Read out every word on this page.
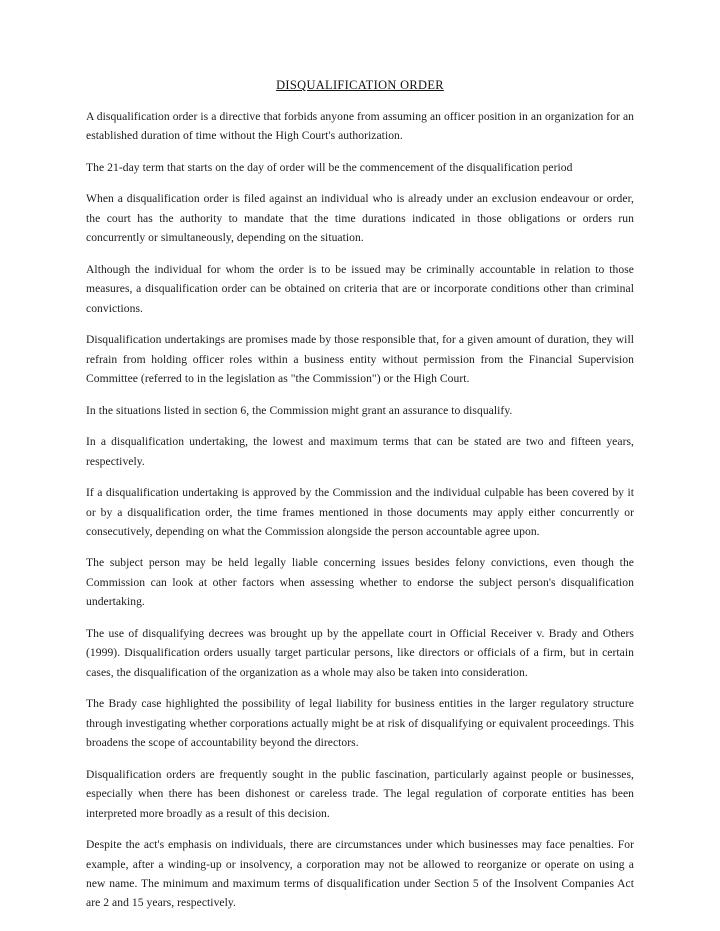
DISQUALIFICATION ORDER

A disqualification order is a directive that forbids anyone from assuming an officer position in an organization for an established duration of time without the High Court's authorization.

The 21-day term that starts on the day of order will be the commencement of the disqualification period

When a disqualification order is filed against an individual who is already under an exclusion endeavour or order, the court has the authority to mandate that the time durations indicated in those obligations or orders run concurrently or simultaneously, depending on the situation.

Although the individual for whom the order is to be issued may be criminally accountable in relation to those measures, a disqualification order can be obtained on criteria that are or incorporate conditions other than criminal convictions.

Disqualification undertakings are promises made by those responsible that, for a given amount of duration, they will refrain from holding officer roles within a business entity without permission from the Financial Supervision Committee (referred to in the legislation as "the Commission") or the High Court.

In the situations listed in section 6, the Commission might grant an assurance to disqualify.

In a disqualification undertaking, the lowest and maximum terms that can be stated are two and fifteen years, respectively.

If a disqualification undertaking is approved by the Commission and the individual culpable has been covered by it or by a disqualification order, the time frames mentioned in those documents may apply either concurrently or consecutively, depending on what the Commission alongside the person accountable agree upon.

The subject person may be held legally liable concerning issues besides felony convictions, even though the Commission can look at other factors when assessing whether to endorse the subject person's disqualification undertaking.

The use of disqualifying decrees was brought up by the appellate court in Official Receiver v. Brady and Others (1999). Disqualification orders usually target particular persons, like directors or officials of a firm, but in certain cases, the disqualification of the organization as a whole may also be taken into consideration.

The Brady case highlighted the possibility of legal liability for business entities in the larger regulatory structure through investigating whether corporations actually might be at risk of disqualifying or equivalent proceedings. This broadens the scope of accountability beyond the directors.

Disqualification orders are frequently sought in the public fascination, particularly against people or businesses, especially when there has been dishonest or careless trade. The legal regulation of corporate entities has been interpreted more broadly as a result of this decision.

Despite the act's emphasis on individuals, there are circumstances under which businesses may face penalties. For example, after a winding-up or insolvency, a corporation may not be allowed to reorganize or operate on using a new name. The minimum and maximum terms of disqualification under Section 5 of the Insolvent Companies Act are 2 and 15 years, respectively.
